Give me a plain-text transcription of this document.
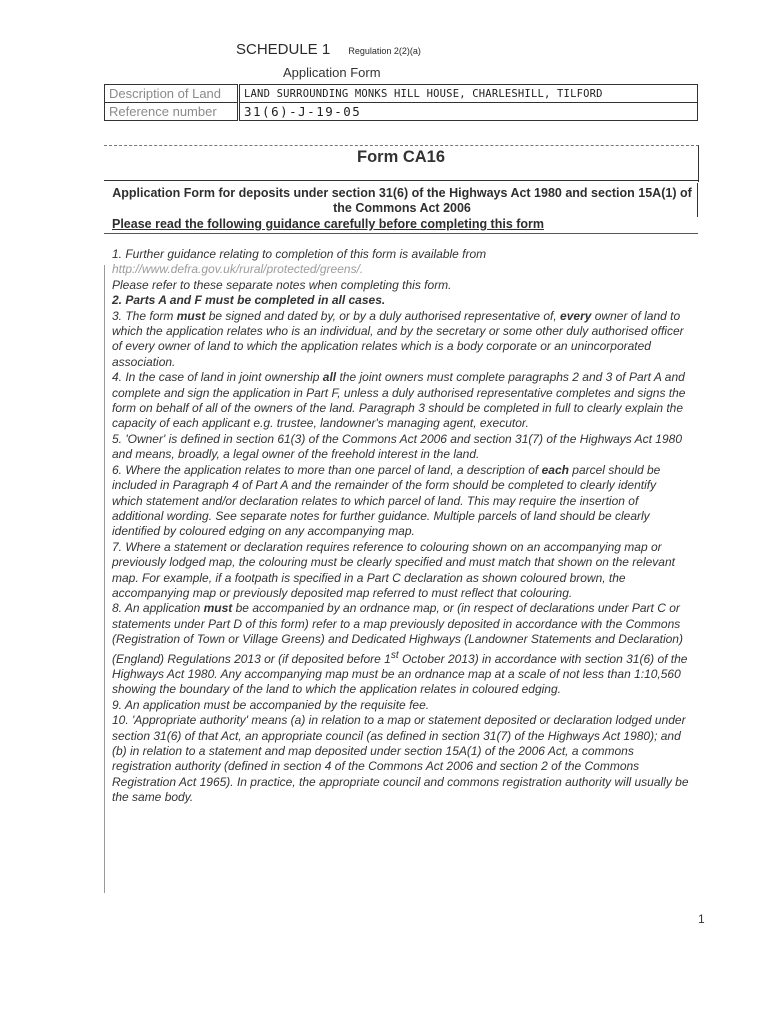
SCHEDULE 1 Regulation 2(2)(a)
Application Form
Description of Land	LAND SURROUNDING MONKS HILL HOUSE, CHARLESHILL, TILFORD
Reference number	31(6)-J-19-05
Form CA16
Application Form for deposits under section 31(6) of the Highways Act 1980 and section 15A(1) of the Commons Act 2006
Please read the following guidance carefully before completing this form

1. Further guidance relating to completion of this form is available from
http://www.defra.gov.uk/rural/protected/greens/.
Please refer to these separate notes when completing this form.

2. Parts A and F must be completed in all cases.

3. The form must be signed and dated by, or by a duly authorised representative of, every owner of land to which the application relates who is an individual, and by the secretary or some other duly authorised officer of every owner of land to which the application relates which is a body corporate or an unincorporated association.

4. In the case of land in joint ownership all the joint owners must complete paragraphs 2 and 3 of Part A and complete and sign the application in Part F, unless a duly authorised representative completes and signs the form on behalf of all of the owners of the land. Paragraph 3 should be completed in full to clearly explain the capacity of each applicant e.g. trustee, landowner's managing agent, executor.

5. 'Owner' is defined in section 61(3) of the Commons Act 2006 and section 31(7) of the Highways Act 1980 and means, broadly, a legal owner of the freehold interest in the land.

6. Where the application relates to more than one parcel of land, a description of each parcel should be included in Paragraph 4 of Part A and the remainder of the form should be completed to clearly identify which statement and/or declaration relates to which parcel of land. This may require the insertion of additional wording. See separate notes for further guidance. Multiple parcels of land should be clearly identified by coloured edging on any accompanying map.

7. Where a statement or declaration requires reference to colouring shown on an accompanying map or previously lodged map, the colouring must be clearly specified and must match that shown on the relevant map. For example, if a footpath is specified in a Part C declaration as shown coloured brown, the accompanying map or previously deposited map referred to must reflect that colouring.

8. An application must be accompanied by an ordnance map, or (in respect of declarations under Part C or statements under Part D of this form) refer to a map previously deposited in accordance with the Commons (Registration of Town or Village Greens) and Dedicated Highways (Landowner Statements and Declaration) (England) Regulations 2013 or (if deposited before 1st October 2013) in accordance with section 31(6) of the Highways Act 1980. Any accompanying map must be an ordnance map at a scale of not less than 1:10,560 showing the boundary of the land to which the application relates in coloured edging.

9. An application must be accompanied by the requisite fee.

10. 'Appropriate authority' means (a) in relation to a map or statement deposited or declaration lodged under section 31(6) of that Act, an appropriate council (as defined in section 31(7) of the Highways Act 1980); and (b) in relation to a statement and map deposited under section 15A(1) of the 2006 Act, a commons registration authority (defined in section 4 of the Commons Act 2006 and section 2 of the Commons Registration Act 1965). In practice, the appropriate council and commons registration authority will usually be the same body.

1
